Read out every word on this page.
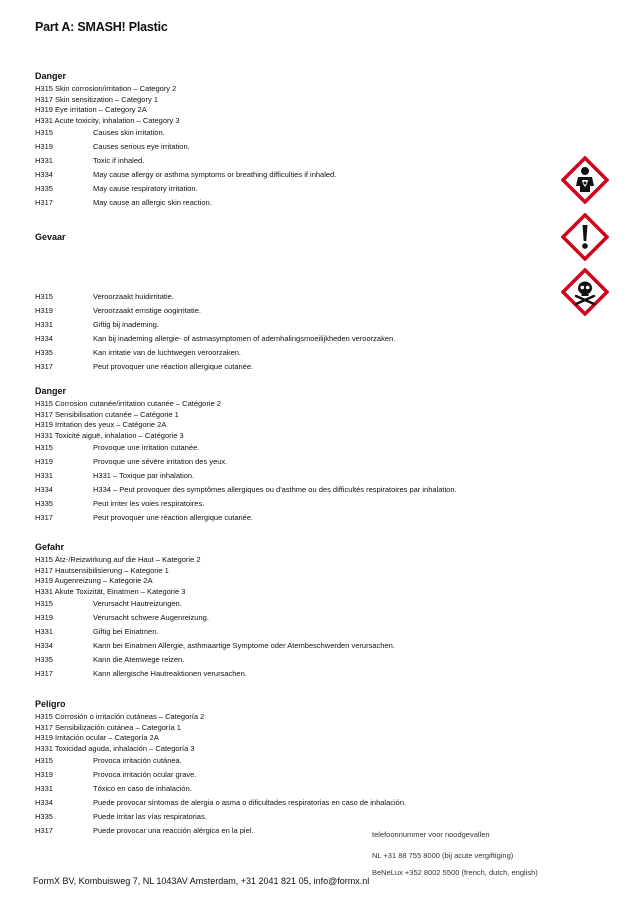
Part A: SMASH! Plastic
Danger
H315 Skin corrosion/irritation – Category 2
H317 Skin sensitization – Category 1
H319 Eye irritation – Category 2A
H331 Acute toxicity, inhalation – Category 3
H315	Causes skin irritation.
H319	Causes serious eye irritation.
H331	Toxic if inhaled.
H334	May cause allergy or asthma symptoms or breathing difficulties if inhaled.
H335	May cause respiratory irritation.
H317	May cause an allergic skin reaction.
Gevaar
H315	Veroorzaakt huidirritatie.
H319	Veroorzaakt ernstige oogirritatie.
H331	Giftig bij inademing.
H334	Kan bij inademing allergie- of astmasymptomen of ademhalingsmoeilijkheden veroorzaken.
H335	Kan irritatie van de luchtwegen veroorzaken.
H317	Peut provoquer une réaction allergique cutanée.
Danger
H315 Corrosion cutanée/irritation cutanée – Catégorie 2
H317 Sensibilisation cutanée – Catégorie 1
H319 Irritation des yeux – Catégorie 2A
H331 Toxicité aiguë, inhalation – Catégorie 3
H315	Provoque une irritation cutanée.
H319	Provoque une sévère irritation des yeux.
H331	H331 – Toxique par inhalation.
H334	H334 – Peut provoquer des symptômes allergiques ou d'asthme ou des difficultés respiratoires par inhalation.
H335	Peut irriter les voies respiratoires.
H317	Peut provoquer une réaction allergique cutanée.
Gefahr
H315 Ätz-/Reizwirkung auf die Haut – Kategorie 2
H317 Hautsensibilisierung – Kategorie 1
H319 Augenreizung – Kategorie 2A
H331 Akute Toxizität, Einatmen – Kategorie 3
H315	Verursacht Hautreizungen.
H319	Verursacht schwere Augenreizung.
H331	Giftig bei Einatmen.
H334	Kann bei Einatmen Allergie, asthmaartige Symptome oder Atembeschwerden verursachen.
H335	Kann die Atemwege reizen.
H317	Kann allergische Hautreaktionen verursachen.
Peligro
H315 Corrosión o irritación cutáneas – Categoría 2
H317 Sensibilización cutánea – Categoría 1
H319 Irritación ocular – Categoría 2A
H331 Toxicidad aguda, inhalación – Categoría 3
H315	Provoca irritación cutánea.
H319	Provoca irritación ocular grave.
H331	Tóxico en caso de inhalación.
H334	Puede provocar síntomas de alergia o asma o dificultades respiratorias en caso de inhalación.
H335	Puede irritar las vías respiratorias.
H317	Puede provocar una reacción alérgica en la piel.	telefoonnummer voor noodgevallen
NL +31 88 755 8000 (bij acute vergiftiging)
BeNeLux +352 8002 5500 (french, dutch, english)
FormX BV, Kombuisweg 7, NL 1043AV Amsterdam, +31 2041 821 05, info@formx.nl
